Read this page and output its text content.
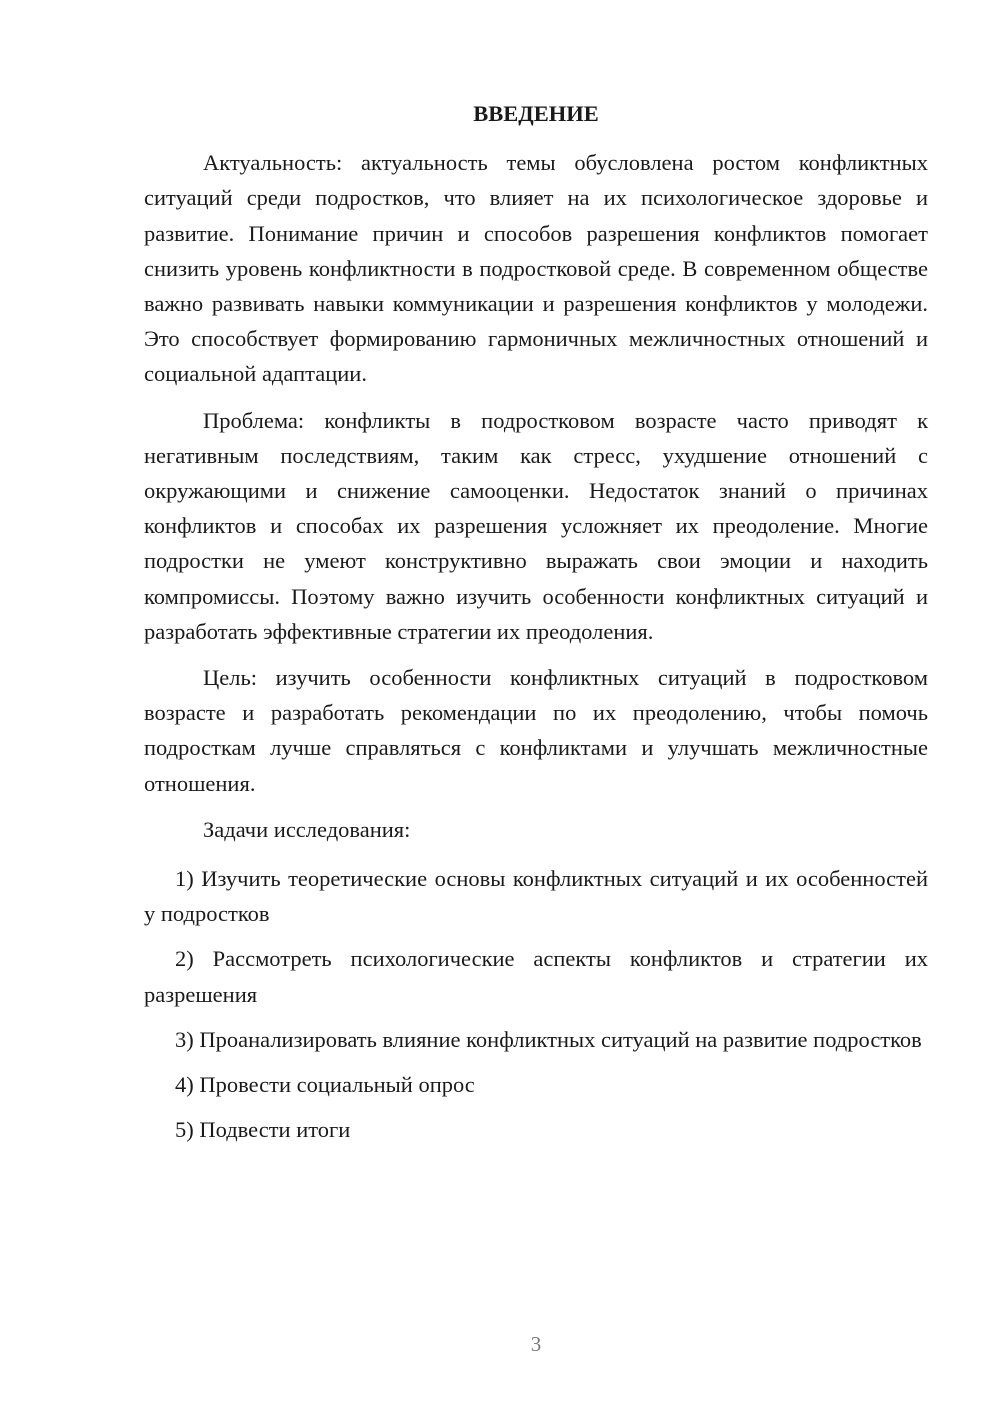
ВВЕДЕНИЕ

Актуальность: актуальность темы обусловлена ростом конфликтных ситуаций среди подростков, что влияет на их психологическое здоровье и развитие. Понимание причин и способов разрешения конфликтов помогает снизить уровень конфликтности в подростковой среде. В современном обществе важно развивать навыки коммуникации и разрешения конфликтов у молодежи. Это способствует формированию гармоничных межличностных отношений и социальной адаптации.

Проблема: конфликты в подростковом возрасте часто приводят к негативным последствиям, таким как стресс, ухудшение отношений с окружающими и снижение самооценки. Недостаток знаний о причинах конфликтов и способах их разрешения усложняет их преодоление. Многие подростки не умеют конструктивно выражать свои эмоции и находить компромиссы. Поэтому важно изучить особенности конфликтных ситуаций и разработать эффективные стратегии их преодоления.

Цель: изучить особенности конфликтных ситуаций в подростковом возрасте и разработать рекомендации по их преодолению, чтобы помочь подросткам лучше справляться с конфликтами и улучшать межличностные отношения.

Задачи исследования:

1) Изучить теоретические основы конфликтных ситуаций и их особенностей у подростков

2) Рассмотреть психологические аспекты конфликтов и стратегии их разрешения

3) Проанализировать влияние конфликтных ситуаций на развитие подростков

4) Провести социальный опрос

5) Подвести итоги

3
